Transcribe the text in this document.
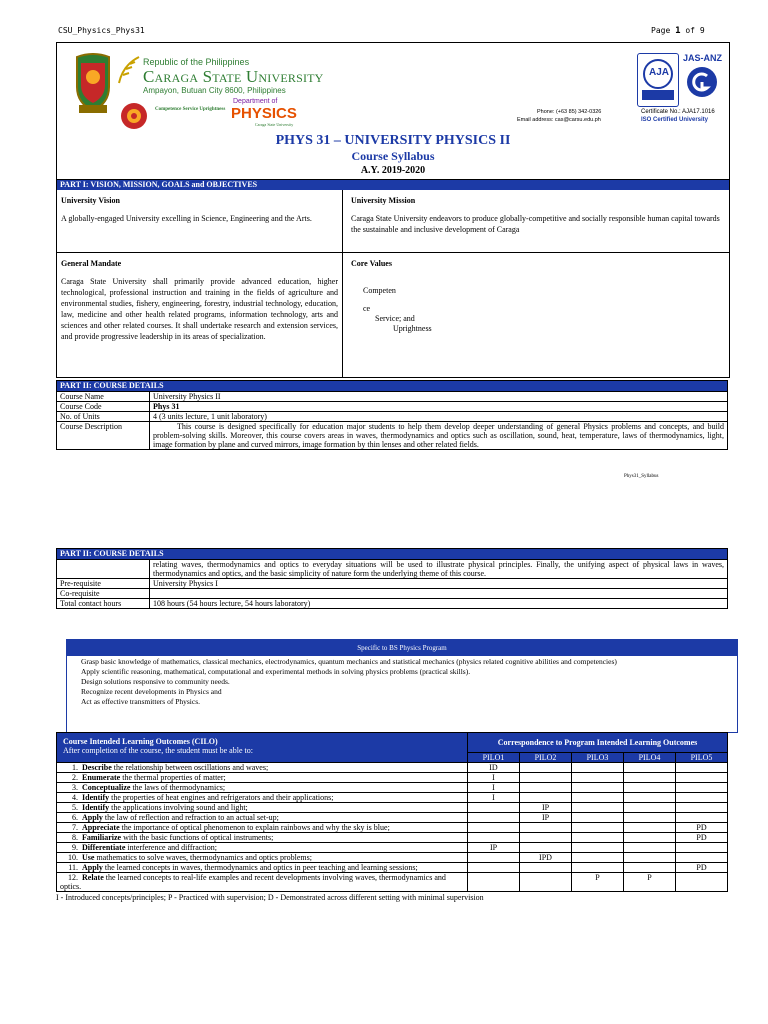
CSU_Physics_Phys31	Page 1 of 9
Republic of the Philippines
Caraga State University
Ampayon, Butuan City 8600, Philippines
Competence Service Uprightness
Department of
PHYSICS
Caraga State University
Phone: (+63 85) 342-0326
Email address: cas@carsu.edu.ph
AJA
JAS-ANZ
Certificate No.: AJA17.1016
ISO Certified University
PHYS 31 – UNIVERSITY PHYSICS II
Course Syllabus
A.Y. 2019-2020
PART I: VISION, MISSION, GOALS and OBJECTIVES
University Vision
A globally-engaged University excelling in Science, Engineering and the Arts.
University Mission
Caraga State University endeavors to produce globally-competitive and socially responsible human capital towards the sustainable and inclusive development of Caraga
General Mandate
Caraga State University shall primarily provide advanced education, higher technological, professional instruction and training in the fields of agriculture and environmental studies, fishery, engineering, forestry, industrial technology, education, law, medicine and other health related programs, information technology, arts and sciences and other related courses. It shall undertake research and extension services, and provide progressive leadership in its areas of specialization.
Core Values
Competen
ce
Service; and
Uprightness
PART II: COURSE DETAILS
Course Name	University Physics II
Course Code	Phys 31
No. of Units	4 (3 units lecture, 1 unit laboratory)
Course Description	This course is designed specifically for education major students to help them develop deeper understanding of general Physics problems and concepts, and build problem-solving skills. Moreover, this course covers areas in waves, thermodynamics and optics such as oscillation, sound, heat, temperature, laws of thermodynamics, light, image formation by plane and curved mirrors, image formation by thin lenses and other related fields.
Phys31_Syllabus
PART II: COURSE DETAILS
	relating waves, thermodynamics and optics to everyday situations will be used to illustrate physical principles. Finally, the unifying aspect of physical laws in waves, thermodynamics and optics, and the basic simplicity of nature form the underlying theme of this course.
Pre-requisite	University Physics I
Co-requisite	
Total contact hours	108 hours (54 hours lecture, 54 hours laboratory)
Specific to BS Physics Program
Grasp basic knowledge of mathematics, classical mechanics, electrodynamics, quantum mechanics and statistical mechanics (physics related cognitive abilities and competencies)
Apply scientific reasoning, mathematical, computational and experimental methods in solving physics problems (practical skills).
Design solutions responsive to community needs.
Recognize recent developments in Physics and
Act as effective transmitters of Physics.
Course Intended Learning Outcomes (CILO)
After completion of the course, the student must be able to:	Correspondence to Program Intended Learning Outcomes				
	PILO1	PILO2	PILO3	PILO4	PILO5
1. Describe the relationship between oscillations and waves;	ID				
2. Enumerate the thermal properties of matter;	I				
3. Conceptualize the laws of thermodynamics;	I				
4. Identify the properties of heat engines and refrigerators and their applications;	I				
5. Identify the applications involving sound and light;		IP			
6. Apply the law of reflection and refraction to an actual set-up;		IP			
7. Appreciate the importance of optical phenomenon to explain rainbows and why the sky is blue;					PD
8. Familiarize with the basic functions of optical instruments;					PD
9. Differentiate interference and diffraction;	IP				
10. Use mathematics to solve waves, thermodynamics and optics problems;		IPD			
11. Apply the learned concepts in waves, thermodynamics and optics in peer teaching and learning sessions;					PD
12. Relate the learned concepts to real-life examples and recent developments involving waves, thermodynamics and optics.			P	P	
I - Introduced concepts/principles; P - Practiced with supervision; D - Demonstrated across different setting with minimal supervision
